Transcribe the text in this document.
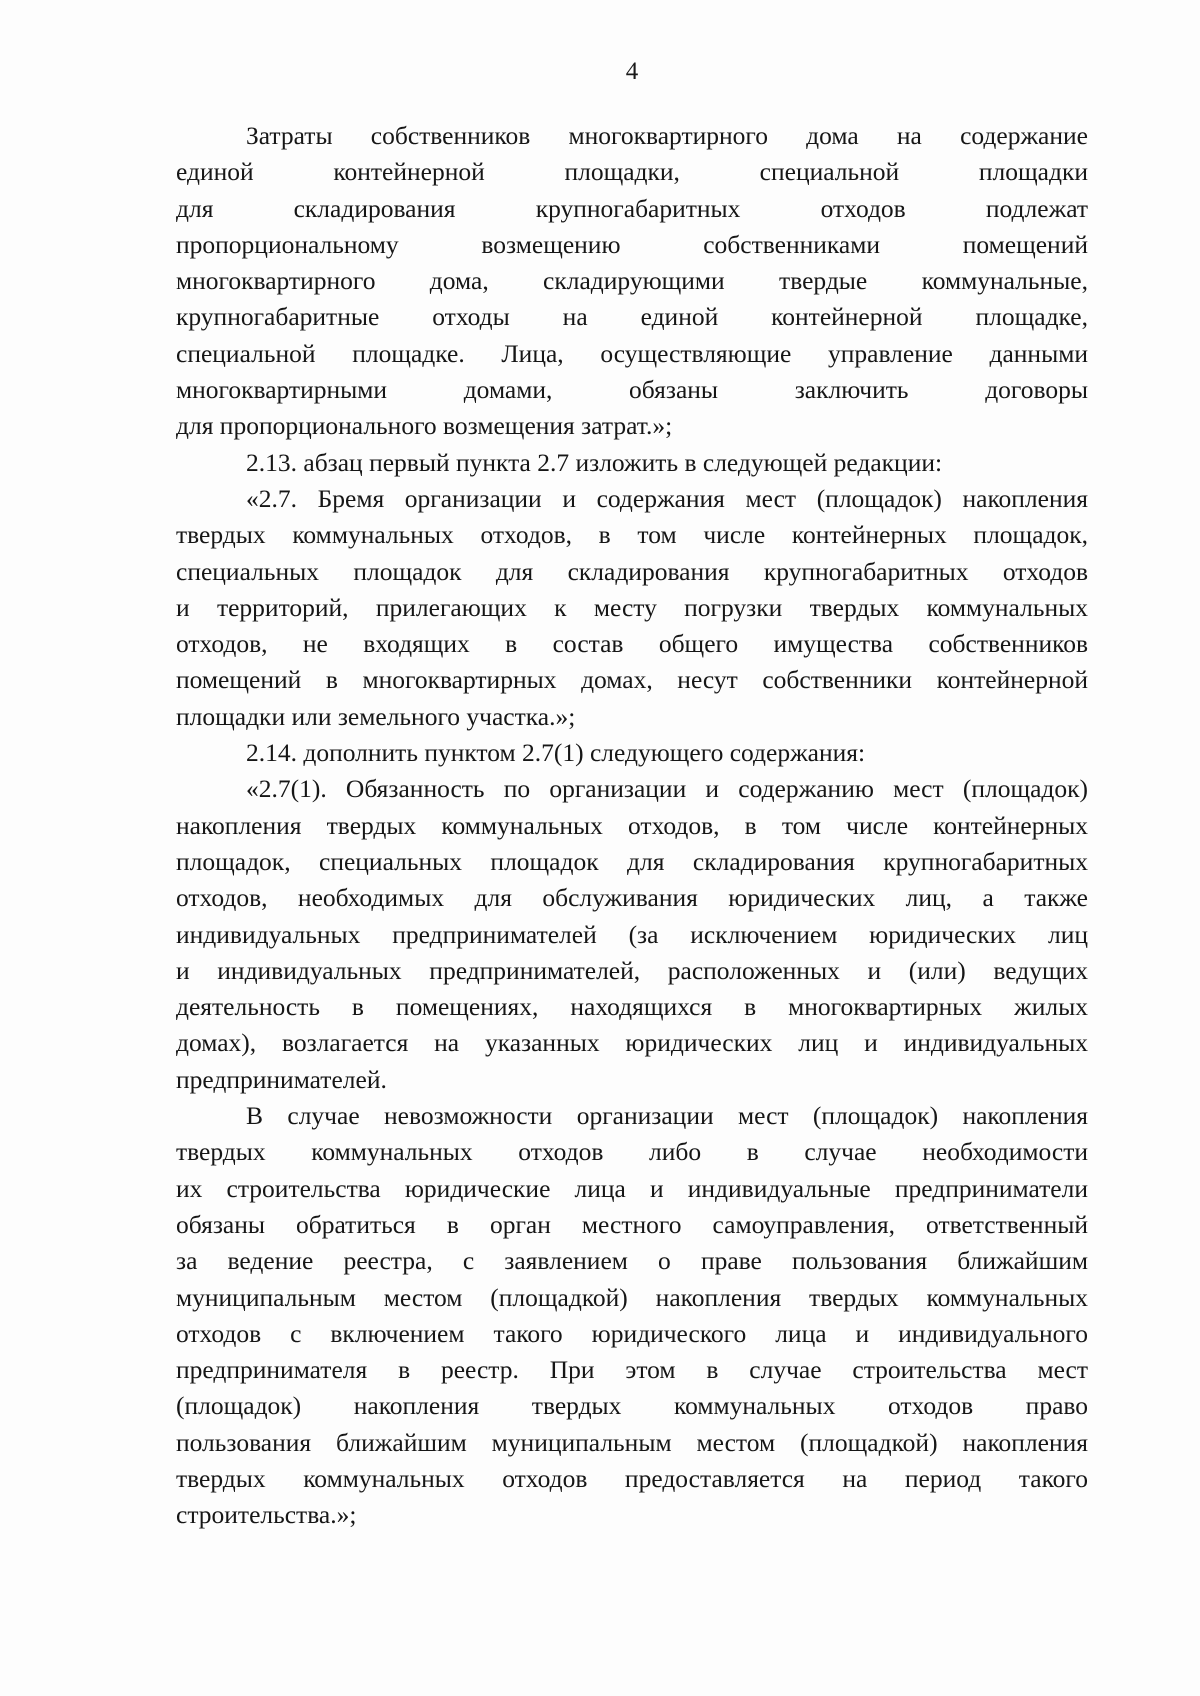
4
Затраты собственников многоквартирного дома на содержание
единой контейнерной площадки, специальной площадки
для складирования крупногабаритных отходов подлежат
пропорциональному возмещению собственниками помещений
многоквартирного дома, складирующими твердые коммунальные,
крупногабаритные отходы на единой контейнерной площадке,
специальной площадке. Лица, осуществляющие управление данными
многоквартирными домами, обязаны заключить договоры
для пропорционального возмещения затрат.»;
2.13. абзац первый пункта 2.7 изложить в следующей редакции:
«2.7. Бремя организации и содержания мест (площадок) накопления
твердых коммунальных отходов, в том числе контейнерных площадок,
специальных площадок для складирования крупногабаритных отходов
и территорий, прилегающих к месту погрузки твердых коммунальных
отходов, не входящих в состав общего имущества собственников
помещений в многоквартирных домах, несут собственники контейнерной
площадки или земельного участка.»;
2.14. дополнить пунктом 2.7(1) следующего содержания:
«2.7(1). Обязанность по организации и содержанию мест (площадок)
накопления твердых коммунальных отходов, в том числе контейнерных
площадок, специальных площадок для складирования крупногабаритных
отходов, необходимых для обслуживания юридических лиц, а также
индивидуальных предпринимателей (за исключением юридических лиц
и индивидуальных предпринимателей, расположенных и (или) ведущих
деятельность в помещениях, находящихся в многоквартирных жилых
домах), возлагается на указанных юридических лиц и индивидуальных
предпринимателей.
В случае невозможности организации мест (площадок) накопления
твердых коммунальных отходов либо в случае необходимости
их строительства юридические лица и индивидуальные предприниматели
обязаны обратиться в орган местного самоуправления, ответственный
за ведение реестра, с заявлением о праве пользования ближайшим
муниципальным местом (площадкой) накопления твердых коммунальных
отходов с включением такого юридического лица и индивидуального
предпринимателя в реестр. При этом в случае строительства мест
(площадок) накопления твердых коммунальных отходов право
пользования ближайшим муниципальным местом (площадкой) накопления
твердых коммунальных отходов предоставляется на период такого
строительства.»;
